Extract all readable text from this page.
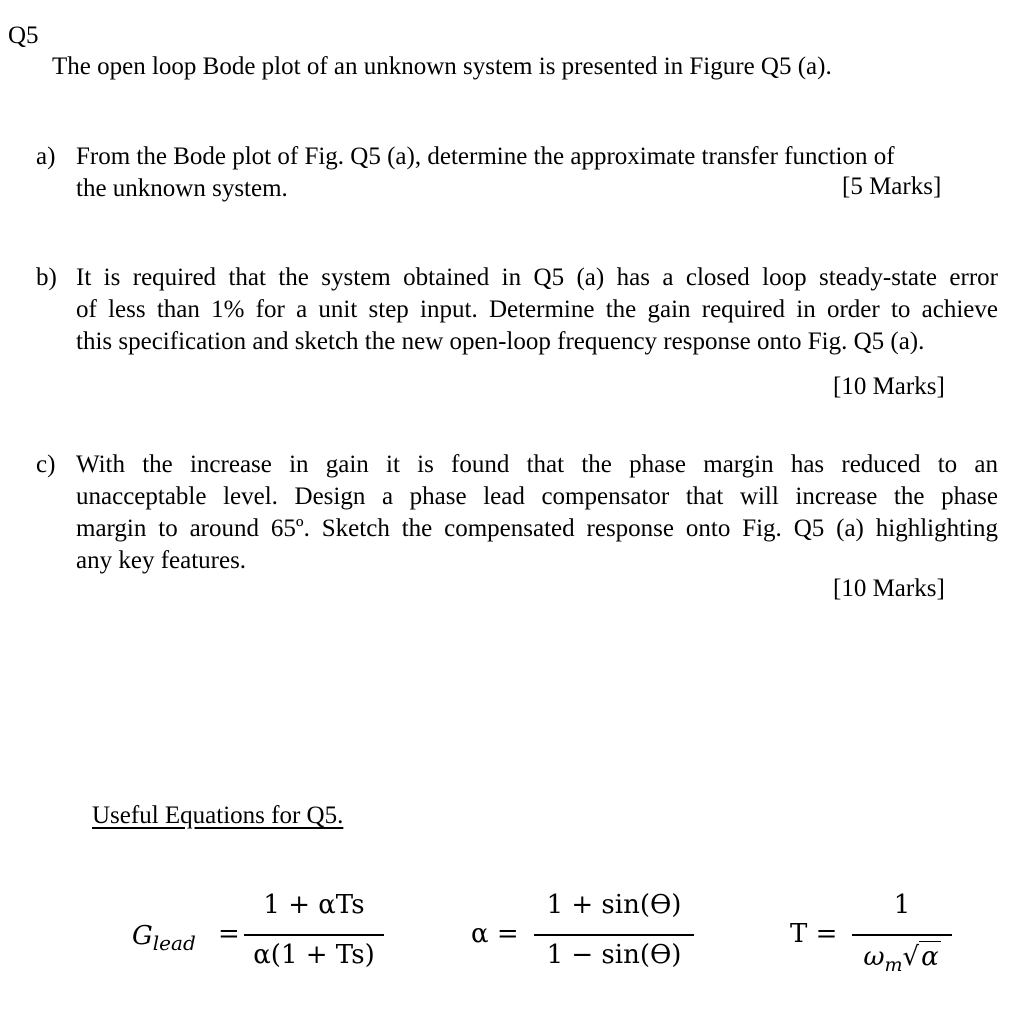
Q5
The open loop Bode plot of an unknown system is presented in Figure Q5 (a).
a) From the Bode plot of Fig. Q5 (a), determine the approximate transfer function of
the unknown system.	[5 Marks]
b) It is required that the system obtained in Q5 (a) has a closed loop steady-state error
of less than 1% for a unit step input. Determine the gain required in order to achieve
this specification and sketch the new open-loop frequency response onto Fig. Q5 (a).
[10 Marks]
c) With the increase in gain it is found that the phase margin has reduced to an
unacceptable level. Design a phase lead compensator that will increase the phase
margin to around 65º. Sketch the compensated response onto Fig. Q5 (a) highlighting
any key features.
[10 Marks]
Useful Equations for Q5.
$G_{lead}$ =
1 + αTs
α(1 + Ts)
α =
1 + sin(ϴ)
1 − sin(ϴ)
T =
1
$\omega_m√\alpha$
